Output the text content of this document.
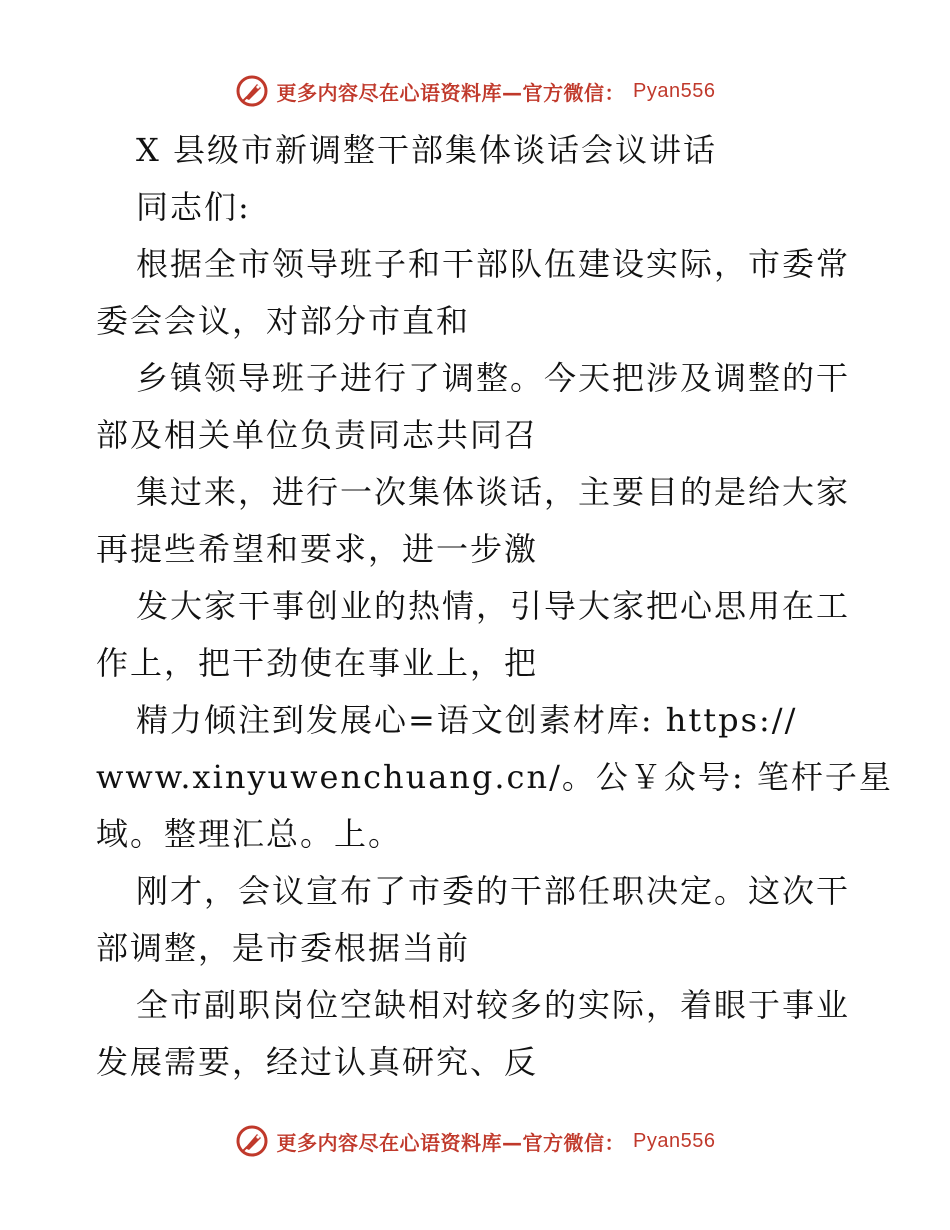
更多内容尽在心语资料库—官方微信： Pyan556
X 县级市新调整干部集体谈话会议讲话
同志们:
根据全市领导班子和干部队伍建设实际，市委常
委会会议，对部分市直和
乡镇领导班子进行了调整。今天把涉及调整的干
部及相关单位负责同志共同召
集过来，进行一次集体谈话，主要目的是给大家
再提些希望和要求，进一步激
发大家干事创业的热情，引导大家把心思用在工
作上，把干劲使在事业上，把
精力倾注到发展心=语文创素材库: https://
www.xinyuwenchuang.cn/。公￥众号: 笔杆子星
域。整理汇总。上。
刚才，会议宣布了市委的干部任职决定。这次干
部调整，是市委根据当前
全市副职岗位空缺相对较多的实际，着眼于事业
发展需要，经过认真研究、反
更多内容尽在心语资料库—官方微信： Pyan556
